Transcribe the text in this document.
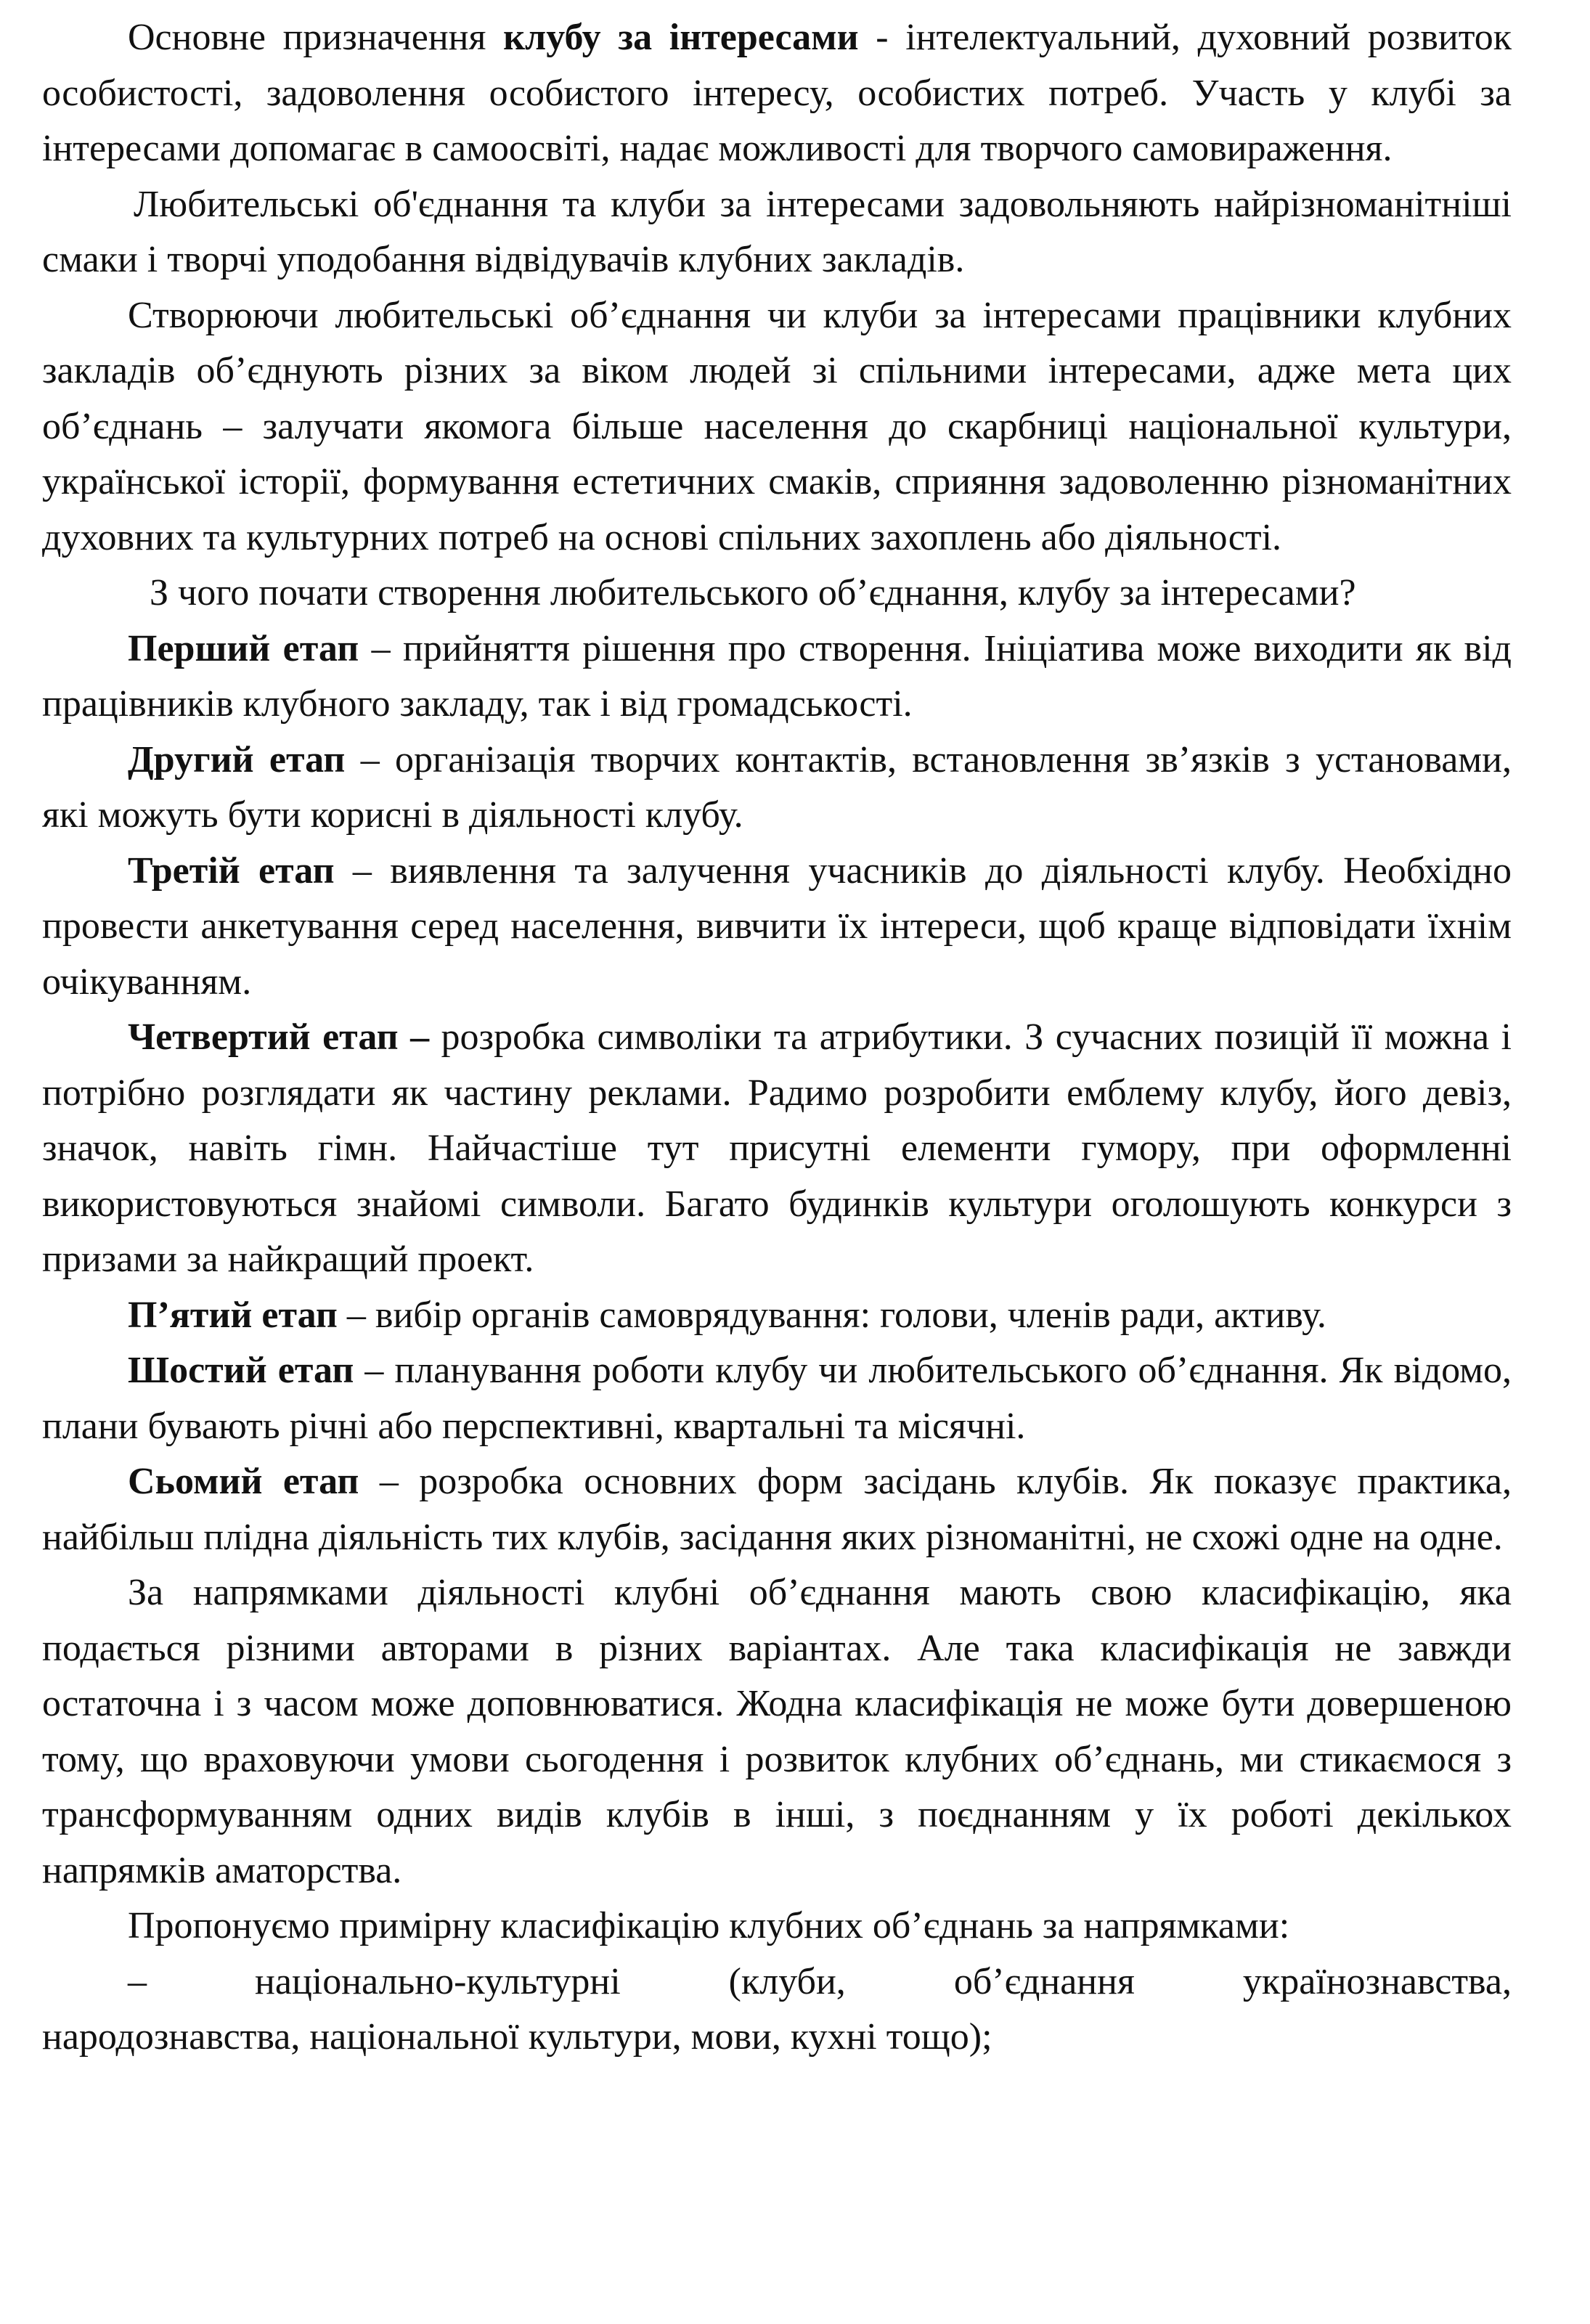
Основне призначення клубу за інтересами - інтелектуальний, духовний розвиток особистості, задоволення особистого інтересу, особистих потреб. Участь у клубі за інтересами допомагає в самоосвіті, надає можливості для творчого самовираження.

Любительські об'єднання та клуби за інтересами задовольняють найрізноманітніші смаки і творчі уподобання відвідувачів клубних закладів.

Створюючи любительські об’єднання чи клуби за інтересами працівники клубних закладів об’єднують різних за віком людей зі спільними інтересами, адже мета цих об’єднань – залучати якомога більше населення до скарбниці національної культури, української історії, формування естетичних смаків, сприяння задоволенню різноманітних духовних та культурних потреб на основі спільних захоплень або діяльності.

З чого почати створення любительського об’єднання, клубу за інтересами?

Перший етап – прийняття рішення про створення. Ініціатива може виходити як від працівників клубного закладу, так і від громадськості.

Другий етап – організація творчих контактів, встановлення зв’язків з установами, які можуть бути корисні в діяльності клубу.

Третій етап – виявлення та залучення учасників до діяльності клубу. Необхідно провести анкетування серед населення, вивчити їх інтереси, щоб краще відповідати їхнім очікуванням.

Четвертий етап – розробка символіки та атрибутики. З сучасних позицій її можна і потрібно розглядати як частину реклами. Радимо розробити емблему клубу, його девіз, значок, навіть гімн. Найчастіше тут присутні елементи гумору, при оформленні використовуються знайомі символи. Багато будинків культури оголошують конкурси з призами за найкращий проект.

П’ятий етап – вибір органів самоврядування: голови, членів ради, активу.

Шостий етап – планування роботи клубу чи любительського об’єднання. Як відомо, плани бувають річні або перспективні, квартальні та місячні.

Сьомий етап – розробка основних форм засідань клубів. Як показує практика, найбільш плідна діяльність тих клубів, засідання яких різноманітні, не схожі одне на одне.

За напрямками діяльності клубні об’єднання мають свою класифікацію, яка подається різними авторами в різних варіантах. Але така класифікація не завжди остаточна і з часом може доповнюватися. Жодна класифікація не може бути довершеною тому, що враховуючи умови сьогодення і розвиток клубних об’єднань, ми стикаємося з трансформуванням одних видів клубів в інші, з поєднанням у їх роботі декількох напрямків аматорства.

Пропонуємо примірну класифікацію клубних об’єднань за напрямками:

–      національно-культурні      (клуби,      об’єднання      українознавства, народознавства, національної культури, мови, кухні тощо);
